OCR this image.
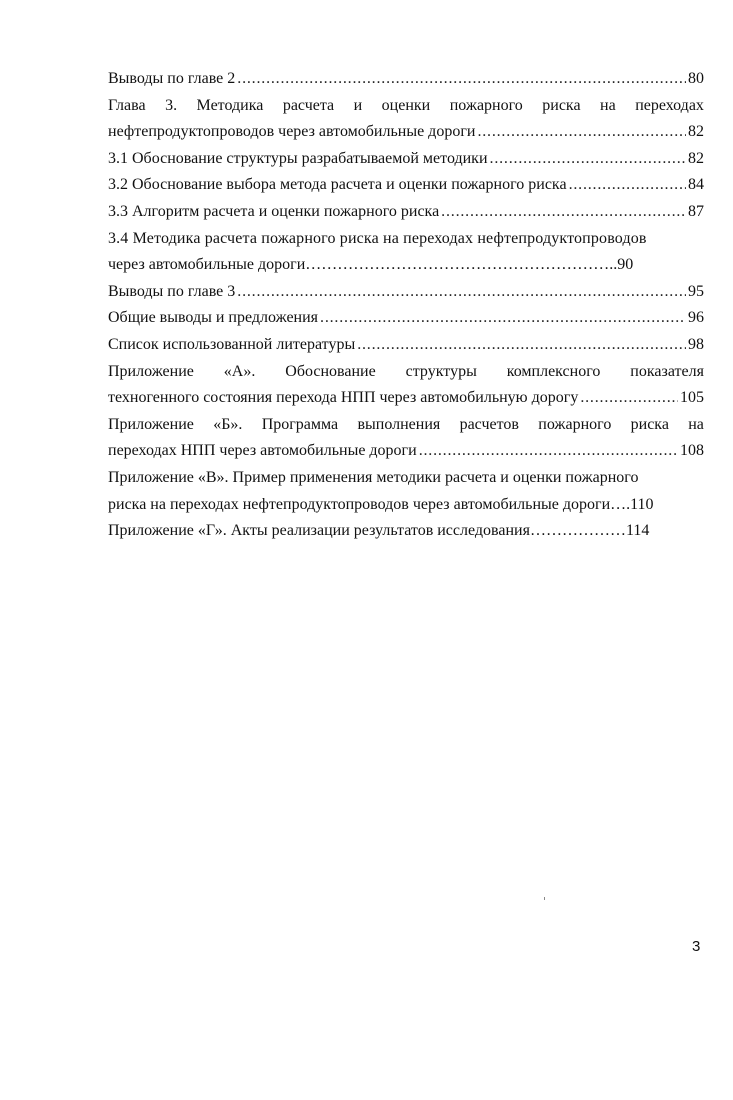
Выводы по главе 2 .....	80
Глава 3. Методика расчета и оценки пожарного риска на переходах
нефтепродуктопроводов через автомобильные дороги .....	82
3.1 Обоснование структуры разрабатываемой методики .....	82
3.2 Обоснование выбора метода расчета и оценки пожарного риска .....	84
3.3 Алгоритм расчета и оценки пожарного риска .....	87
3.4 Методика расчета пожарного риска на переходах нефтепродуктопроводов
через автомобильные дороги ………………………………………………….. 90
Выводы по главе 3 .....	95
Общие выводы и предложения .....	96
Список использованной литературы .....	98
Приложение «А». Обоснование структуры комплексного показателя
техногенного состояния перехода НПП через автомобильную дорогу .....	105
Приложение «Б». Программа выполнения расчетов пожарного риска на
переходах НПП через автомобильные дороги .....	108
Приложение «В». Пример применения методики расчета и оценки пожарного
риска на переходах нефтепродуктопроводов через автомобильные дороги …. 110
Приложение «Г». Акты реализации результатов исследования ……………… 114
3
